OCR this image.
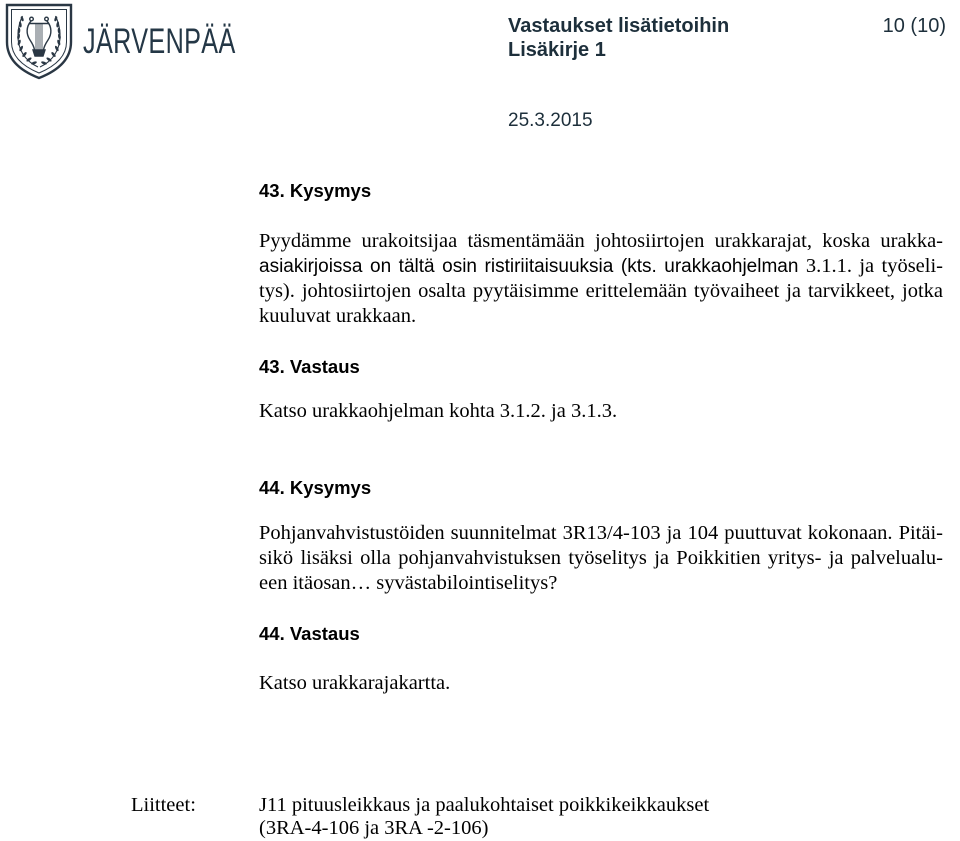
JÄRVENPÄÄ	Vastaukset lisätietoihin
Lisäkirje 1
10 (10)
25.3.2015
43. Kysymys
Pyydämme urakoitsijaa täsmentämään johtosiirtojen urakkarajat, koska urakka-
asiakirjoissa on tältä osin ristiriitaisuuksia (kts. urakkaohjelman 3.1.1. ja työseli-
tys). johtosiirtojen osalta pyytäisimme erittelemään työvaiheet ja tarvikkeet, jotka
kuuluvat urakkaan.
43. Vastaus
Katso urakkaohjelman kohta 3.1.2. ja 3.1.3.
44. Kysymys
Pohjanvahvistustöiden suunnitelmat 3R13/4-103 ja 104 puuttuvat kokonaan. Pitäi-
sikö lisäksi olla pohjanvahvistuksen työselitys ja Poikkitien yritys- ja palvelualu-
een itäosan… syvästabilointiselitys?
44. Vastaus
Katso urakkarajakartta.
Liitteet:	J11 pituusleikkaus ja paalukohtaiset poikkikeikkaukset
(3RA-4-106 ja 3RA -2-106)
